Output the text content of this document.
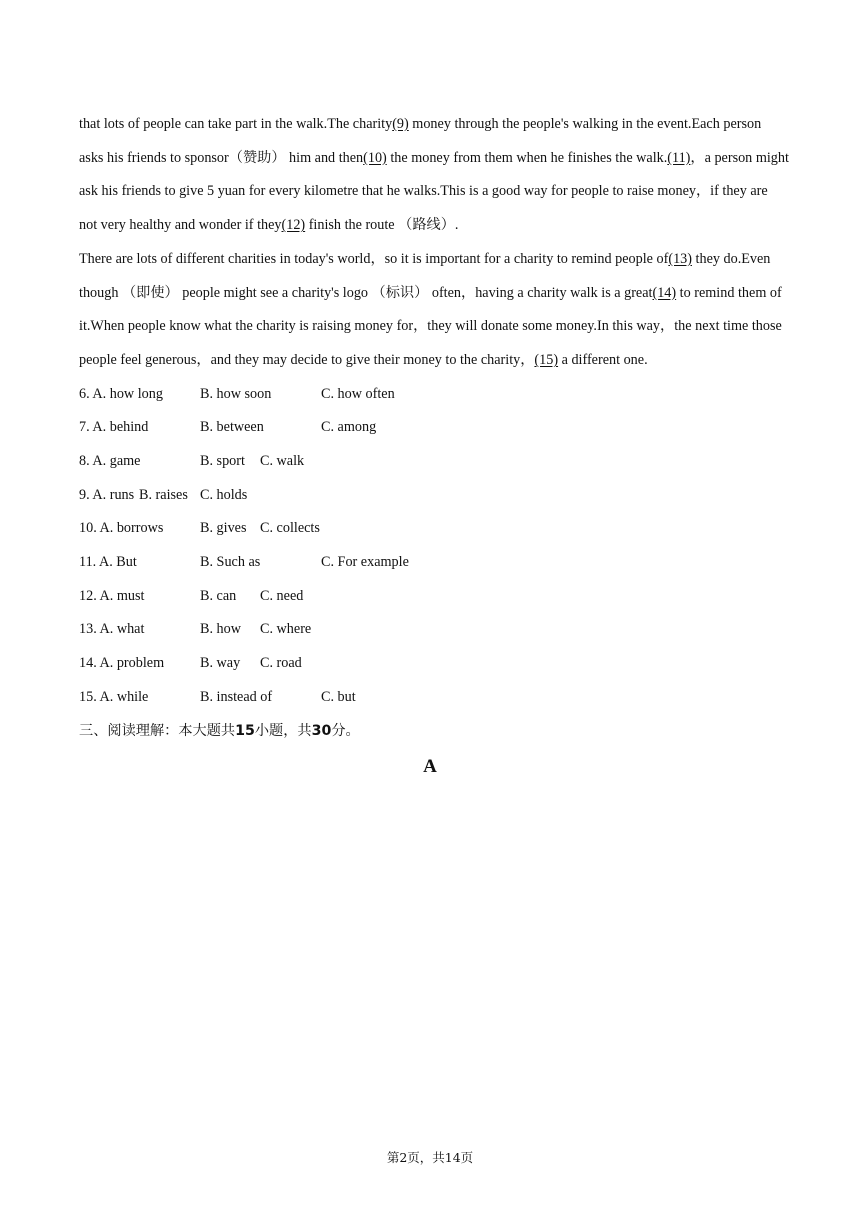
that lots of people can take part in the walk.The charity(9) money through the people's walking in the event.Each person asks his friends to sponsor（赞助） him and then(10) the money from them when he finishes the walk.(11)，a person might ask his friends to give 5 yuan for every kilometre that he walks.This is a good way for people to raise money，if they are not very healthy and wonder if they(12) finish the route （路线）.

There are lots of different charities in today's world，so it is important for a charity to remind people of(13) they do.Even though （即使） people might see a charity's logo （标识） often，having a charity walk is a great(14) to remind them of it.When people know what the charity is raising money for，they will donate some money.In this way，the next time those people feel generous，and they may decide to give their money to the charity，(15) a different one.

6. A. how long	B. how soon	C. how often
7. A. behind	B. between	C. among
8. A. game	B. sport C. walk
9. A. runs B. raises C. holds
10. A. borrows	B. gives C. collects
11. A. But	B. Such as	C. For example
12. A. must	B. can C. need
13. A. what	B. how C. where
14. A. problem	B. way C. road
15. A. while	B. instead of	C. but

三、阅读理解：本大题共15小题，共30分。

A
第2页，共14页
